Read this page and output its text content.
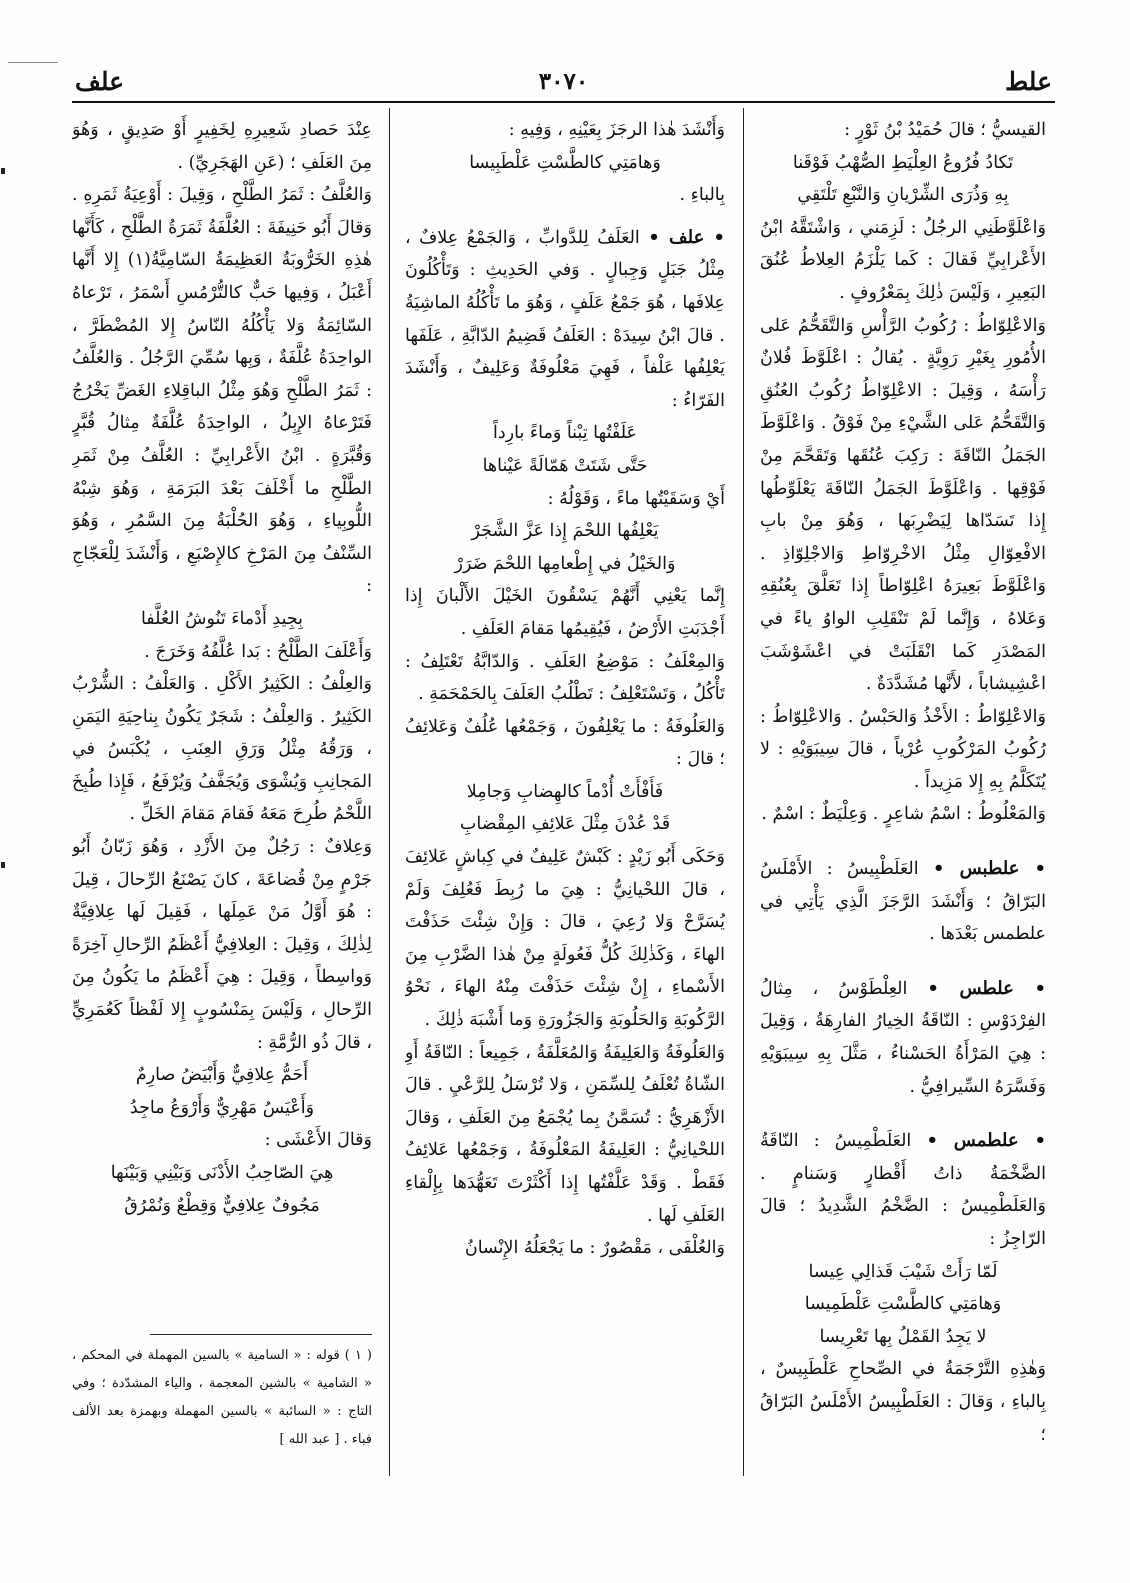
علط
٣٠٧٠
علف

القيسيُّ ؛ قالَ حُمَيْدُ بْنُ ثَوْرٍ :

تَكادُ فُرُوعُ العِلْيَطِ الصُّهْبُ فَوْقَنا

بِهِ وَذُرَى الشِّرْيانِ وَالنَّبْعِ تَلْتَقِي

وَاعْلَوَّطَنِي الرجُلُ : لَزِمَني ، وَاشْتَقَّهُ ابْنُ الأَعْرابِيِّ فَقالَ : كَما يَلْزَمُ العِلاطُ عُنُقَ البَعِيرِ ، وَلَيْسَ ذٰلِكَ بِمَعْرُوفٍ .

وَالاعْلِوّاطُ : رُكُوبُ الرَّأْسِ وَالتَّقَحُّمُ عَلى الأُمُورِ بِغَيْرِ رَوِيَّةٍ . يُقالُ : اعْلَوَّطَ فُلانٌ رَأْسَهُ ، وَقِيلَ : الاعْلِوّاطُ رُكُوبُ العُنُقِ وَالتَّقَحُّمُ عَلى الشَّيْءِ مِنْ فَوْقُ . وَاعْلَوَّطَ الجَمَلُ النّاقَةَ : رَكِبَ عُنُقَها وَتَقَحَّمَ مِنْ فَوْقِها . وَاعْلَوَّطَ الجَمَلُ النّاقَةَ يَعْلَوِّطُها إِذا تَسَدّاها لِيَضْرِبَها ، وَهُوَ مِنْ بابِ الافْعِوّالِ مِثْلُ الاخْرِوّاطِ وَالاجْلِوّاذِ . وَاعْلَوَّطَ بَعِيرَهُ اعْلِوّاطاً إِذا تَعَلَّقَ بِعُنُقِهِ وَعَلاهُ ، وَإِنَّما لَمْ تَنْقَلِبِ الواوُ ياءً في المَصْدَرِ كَما انْقَلَبَتْ في اعْشَوْشَبَ اعْشِيشاباً ، لأَنَّها مُشَدَّدَةٌ .

وَالاعْلِوّاطُ : الأَخْذُ وَالحَبْسُ . وَالاعْلِوّاطُ : رُكُوبُ المَرْكُوبِ عُرْياً ، قالَ سِيبَوَيْهِ : لا يُتَكَلَّمُ بِهِ إِلا مَزِيداً .

وَالمَعْلُوطُ : اسْمُ شاعِرٍ . وَعِلْيَطٌ : اسْمٌ .

• علطبس • العَلَطْبِيسُ : الأَمْلَسُ البَرّاقُ ؛ وَأَنْشَدَ الرَّجَزَ الَّذِي يَأْتِي في علطمس بَعْدَها .

• علطس • العِلْطَوْسُ ، مِثالُ الفِرْدَوْسِ : النّاقَةُ الخِيارُ الفارِهَةُ ، وَقِيلَ : هِيَ المَرْأَةُ الحَسْناءُ ، مَثَّلَ بِهِ سِيبَوَيْهِ وَفَسَّرَهُ السِّيرافِيُّ .

• علطمس • العَلَطْمِيسُ : النّاقَةُ الضَّخْمَةُ ذاتُ أَقْطارٍ وَسَنامٍ . وَالعَلَطْمِيسُ : الضَّخْمُ الشَّدِيدُ ؛ قالَ الرّاجِزُ :

لَمّا رَأَتْ شَيْبَ قَذالِي عِيسا

وَهامَتِي كالطَّسْتِ عَلْطَمِيسا

لا يَجِدُ القَمْلُ بِها تَعْرِيسا

وَهٰذِهِ التَّرْجَمَةُ في الصِّحاحِ عَلْطَبِيسٌ ، بِالباءِ ، وَقالَ : العَلَطْبِيسُ الأَمْلَسُ البَرّاقُ ؛

وَأَنْشَدَ هٰذا الرجَزَ بِعَيْنِهِ ، وَفِيهِ :

وَهامَتِي كالطَّسْتِ عَلْطَبِيسا

بِالباءِ .

• علف • العَلَفُ لِلدَّوابِّ ، وَالجَمْعُ عِلافٌ ، مِثْلُ جَبَلٍ وَجِبالٍ . وَفي الحَدِيثِ : وَتَأْكُلُونَ عِلافَها ، هُوَ جَمْعُ عَلَفٍ ، وَهُوَ ما تَأْكُلُهُ الماشِيَةُ . قالَ ابْنُ سِيدَهْ : العَلَفُ قَضِيمُ الدّابَّةِ ، عَلَفَها يَعْلِفُها عَلْفاً ، فَهِيَ مَعْلُوفَةٌ وَعَلِيفٌ ، وَأَنْشَدَ الفَرّاءُ :

عَلَفْتُها تِبْناً وَماءً بارِداً

حَتَّى شَتَتْ هَمّالَةً عَيْناها

أَيْ وَسَقَيْتُها ماءً ، وَقَوْلُهُ :

يَعْلِفُها اللحْمَ إِذا عَزَّ الشَّجَرْ

وَالخَيْلُ في إِطْعامِها اللحْمَ ضَرَرْ

إِنَّما يَعْنِي أَنَّهُمْ يَسْقُونَ الخَيْلَ الأَلْبانَ إِذا أَجْدَبَتِ الأَرْضُ ، فَيُقِيمُها مَقامَ العَلَفِ .

وَالمِعْلَفُ : مَوْضِعُ العَلَفِ . وَالدّابَّةُ تَعْتَلِفُ : تَأْكُلُ ، وَتَسْتَعْلِفُ : تَطْلُبُ العَلَفَ بِالحَمْحَمَةِ .

وَالعَلُوفَةُ : ما يَعْلِفُونَ ، وَجَمْعُها عُلُفٌ وَعَلائِفُ ؛ قالَ :

فَأَفْأَتْ أُدْماً كالهِضابِ وَجامِلا

قَدْ عُدْنَ مِثْلَ عَلائِفِ المِقْضابِ

وَحَكَى أَبُو زَيْدٍ : كَبْشٌ عَلِيفٌ في كِباشٍ عَلائِفَ ، قالَ اللحْيانِيُّ : هِيَ ما رُبِطَ فَعُلِفَ وَلَمْ يُسَرَّحْ وَلا رُعِيَ ، قالَ : وَإِنْ شِئْتَ حَذَفْتَ الهاءَ ، وَكَذٰلِكَ كُلُّ فَعُولَةٍ مِنْ هٰذا الضَّرْبِ مِنَ الأَسْماءِ ، إِنْ شِئْتَ حَذَفْتَ مِنْهُ الهاءَ ، نَحْوُ الرَّكُوبَةِ وَالحَلُوبَةِ وَالجَزُورَةِ وَما أَشْبَهَ ذٰلِكَ .

وَالعَلُوفَةُ وَالعَلِيفَةُ وَالمُعَلَّفَةُ ، جَمِيعاً : النّاقَةُ أَوِ الشّاةُ تُعْلَفُ لِلسِّمَنِ ، وَلا تُرْسَلُ لِلرَّعْيِ . قالَ الأَزْهَرِيُّ : تُسَمَّنُ بِما يُجْمَعُ مِنَ العَلَفِ ، وَقالَ اللحْيانِيُّ : العَلِيفَةُ المَعْلُوفَةُ ، وَجَمْعُها عَلائِفُ فَقَطْ . وَقَدْ عَلَّفْتُها إِذا أَكْثَرْتَ تَعَهُّدَها بِإِلْقاءِ العَلَفِ لَها .

وَالعُلْفَى ، مَقْصُورٌ : ما يَجْعَلُهُ الإِنْسانُ

عِنْدَ حَصادِ شَعِيرِهِ لِخَفِيرٍ أَوْ صَدِيقٍ ، وَهُوَ مِنَ العَلَفِ ؛ (عَنِ الهَجَرِيِّ) .

وَالعُلَّفُ : ثَمَرُ الطَّلْحِ ، وَقِيلَ : أَوْعِيَةُ ثَمَرِهِ . وَقالَ أَبُو حَنِيفَةَ : العُلَّفَةُ ثَمَرَةُ الطَّلْحِ ، كَأَنَّها هٰذِهِ الخَرُّوبَةُ العَظِيمَةُ السّامِيَّةُ(١) إِلا أَنَّها أَعْبَلُ ، وَفِيها حَبٌّ كالتُّرْمُسِ أَسْمَرُ ، تَرْعاهُ السّائِمَةُ وَلا يَأْكُلُهُ النّاسُ إِلا المُضْطَرَّ ، الواحِدَةُ عُلَّفَةٌ ، وَبِها سُمِّيَ الرَّجُلُ . وَالعُلَّفُ : ثَمَرُ الطَّلْحِ وَهُوَ مِثْلُ الباقِلاءِ الغَضِّ يَخْرُجُ فَتَرْعاهُ الإِبِلُ ، الواحِدَةُ عُلَّفَةٌ مِثالُ قُبَّرٍ وَقُبَّرَةٍ . ابْنُ الأَعْرابِيِّ : العُلَّفُ مِنْ ثَمَرِ الطَّلْحِ ما أَخْلَفَ بَعْدَ البَرَمَةِ ، وَهُوَ شِبْهُ اللُّوبِياءِ ، وَهُوَ الحُلْبَةُ مِنَ السَّمُرِ ، وَهُوَ السِّنْفُ مِنَ المَرْخِ كالإِصْبَعِ ، وَأَنْشَدَ لِلْعَجّاجِ :

بِجِيدِ أَدْماءَ تَنُوشُ العُلَّفا

وَأَعْلَفَ الطَّلْحُ : بَدا عُلَّفُهُ وَخَرَجَ .

وَالعِلْفُ : الكَثِيرُ الأَكْلِ . وَالعَلْفُ : الشُّرْبُ الكَثِيرُ . وَالعِلْفُ : شَجَرٌ يَكُونُ بِناحِيَةِ اليَمَنِ ، وَرَقُهُ مِثْلُ وَرَقِ العِنَبِ ، يُكْبَسُ في المَجانِبِ وَيُشْوَى وَيُجَفَّفُ وَيُرْفَعُ ، فَإِذا طُبِخَ اللَّحْمُ طُرِحَ مَعَهُ فَقامَ مَقامَ الخَلِّ .

وَعِلافٌ : رَجُلٌ مِنَ الأَزْدِ ، وَهُوَ زَبّانُ أَبُو جَرْمٍ مِنْ قُضاعَةَ ، كانَ يَصْنَعُ الرِّحالَ ، قِيلَ : هُوَ أَوَّلُ مَنْ عَمِلَها ، فَقِيلَ لَها عِلافِيَّةٌ لِذٰلِكَ ، وَقِيلَ : العِلافِيُّ أَعْظَمُ الرِّحالِ آخِرَةً وَواسِطاً ، وَقِيلَ : هِيَ أَعْظَمُ ما يَكُونُ مِنَ الرِّحالِ ، وَلَيْسَ بِمَنْسُوبٍ إِلا لَفْظاً كَعُمَرِيٍّ ، قالَ ذُو الرُّمَّةِ :

أَحَمُّ عِلافِيٌّ وَأَبْيَضُ صارِمٌ

وَأَعْيَسُ مَهْرِيٌّ وَأَرْوَعُ ماجِدُ

وَقالَ الأَعْشَى :

هِيَ الصّاحِبُ الأَدْنَى وَبَيْنِي وَبَيْنَها

مَجُوفٌ عِلافِيٌّ وَقِطْعٌ وَنُمْرُقُ

( ١ ) قوله : « السامية » بالسين المهملة في المحكم ، « الشامية » بالشين المعجمة ، والياء المشدّدة ؛ وفي التاج : « السائبة » بالسين المهملة وبهمزة بعد الألف فباء . [ عبد الله ]
